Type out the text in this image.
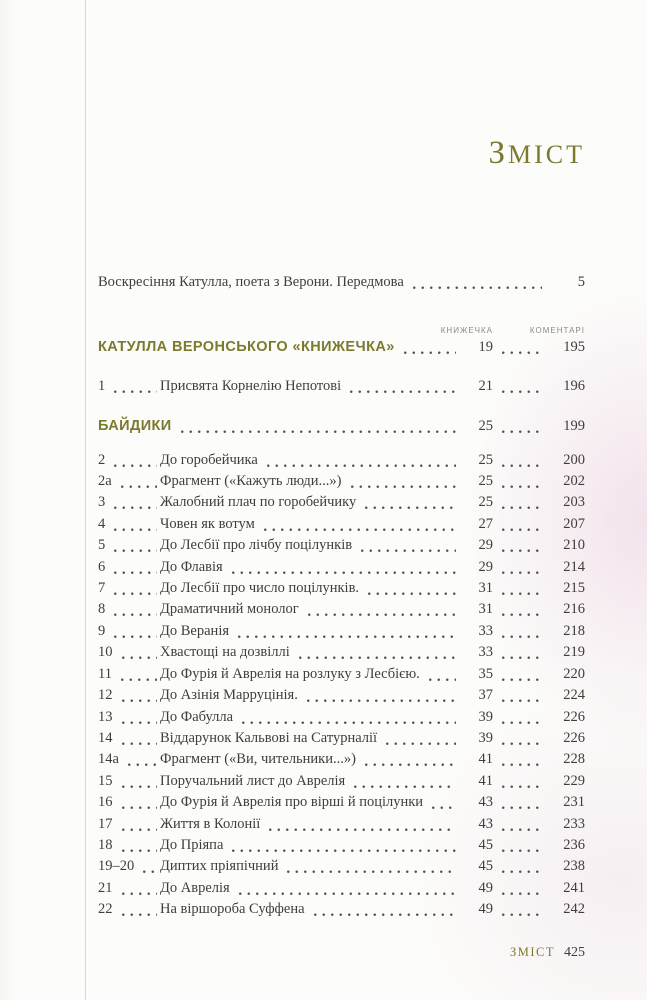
ЗМІСТ
Воскресіння Катулла, поета з Верони. Передмова	5
КНИЖЕЧКА	КОМЕНТАРІ
КАТУЛЛА ВЕРОНСЬКОГО «КНИЖЕЧКА»	19	195
1	Присвята Корнелію Непотові	21	196
БАЙДИКИ	25	199
2	До горобейчика	25	200
2а	Фрагмент («Кажуть люди...»)	25	202
3	Жалобний плач по горобейчику	25	203
4	Човен як вотум	27	207
5	До Лесбії про лічбу поцілунків	29	210
6	До Флавія	29	214
7	До Лесбії про число поцілунків.	31	215
8	Драматичний монолог	31	216
9	До Веранія	33	218
10	Хвастощі на дозвіллі	33	219
11	До Фурія й Аврелія на розлуку з Лесбією.	35	220
12	До Азінія Марруцінія.	37	224
13	До Фабулла	39	226
14	Віддарунок Кальвові на Сатурналії	39	226
14а	Фрагмент («Ви, чительники...»)	41	228
15	Поручальний лист до Аврелія	41	229
16	До Фурія й Аврелія про вірші й поцілунки	43	231
17	Життя в Колонії	43	233
18	До Пріяпа	45	236
19–20 Диптих пріяпічний	45	238
21	До Аврелія	49	241
22	На віршороба Суффена	49	242
ЗМІСТ 425
